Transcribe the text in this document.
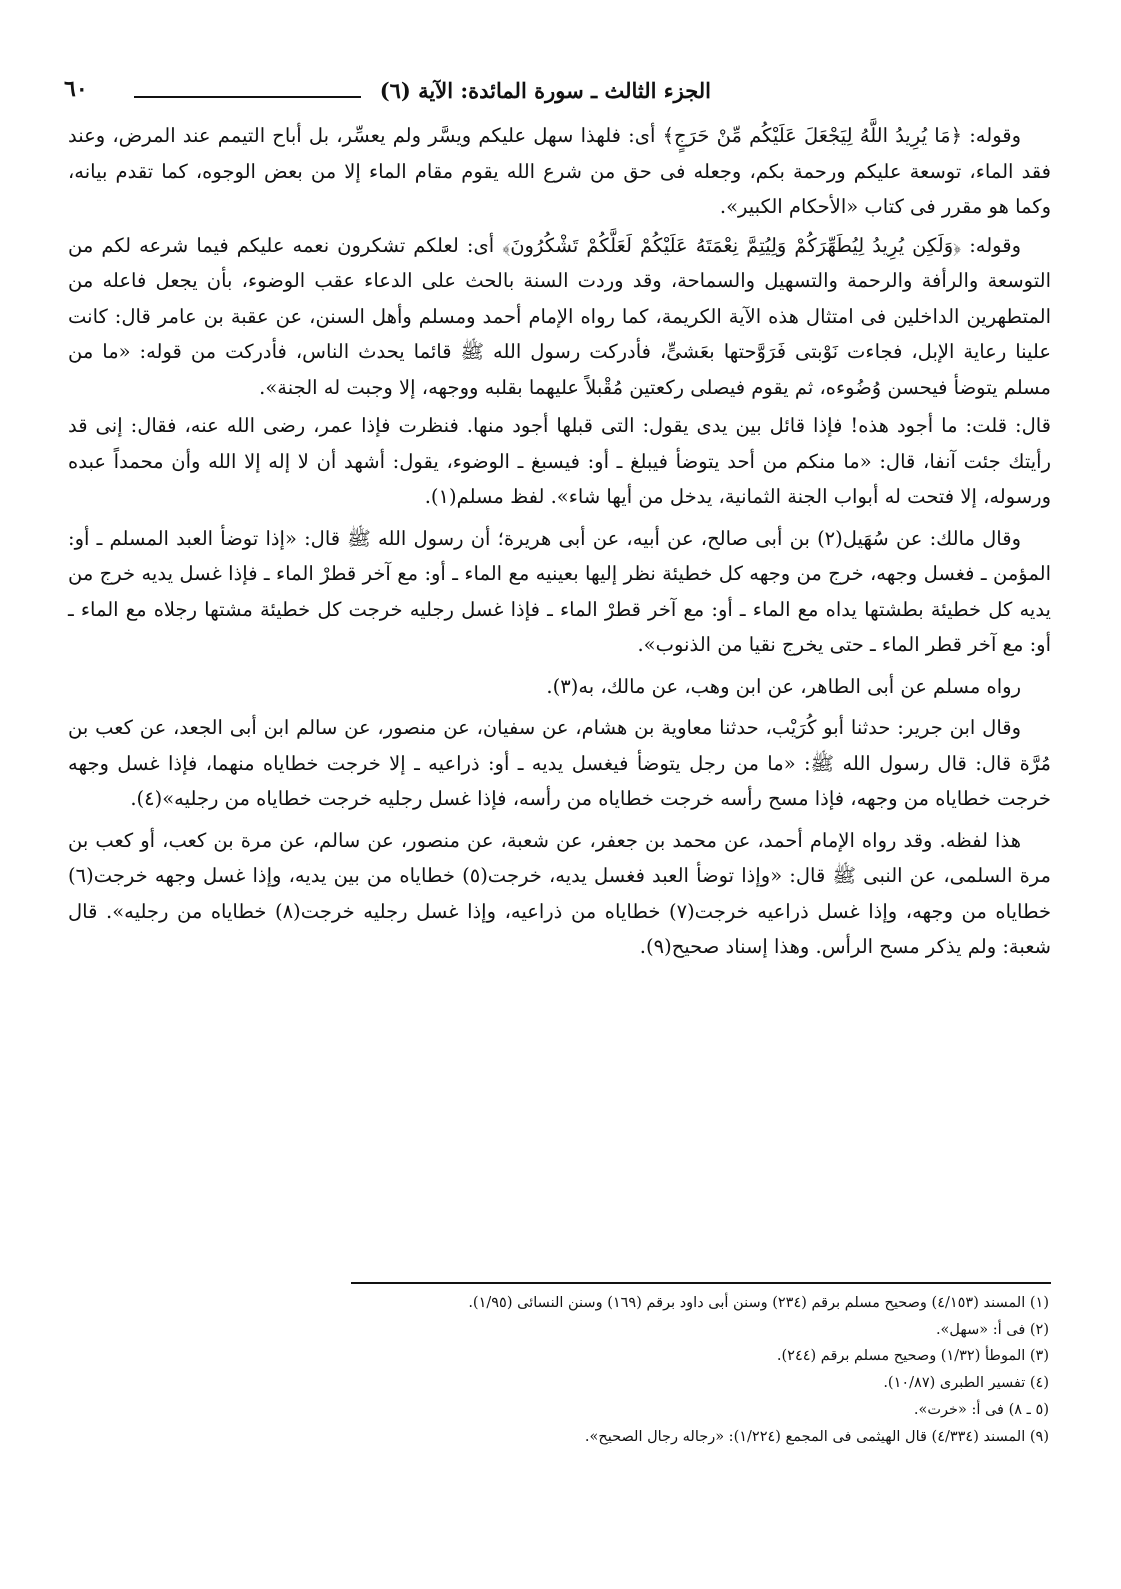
الجزء الثالث ـ سورة المائدة: الآية (٦)
٦٠

وقوله: ﴿مَا يُرِيدُ اللَّهُ لِيَجْعَلَ عَلَيْكُم مِّنْ حَرَجٍ﴾ أى: فلهذا سهل عليكم ويسَّر ولم يعسِّر، بل أباح التيمم عند المرض، وعند فقد الماء، توسعة عليكم ورحمة بكم، وجعله فى حق من شرع الله يقوم مقام الماء إلا من بعض الوجوه، كما تقدم بيانه، وكما هو مقرر فى كتاب «الأحكام الكبير».

وقوله: ﴿وَلَكِن يُرِيدُ لِيُطَهِّرَكُمْ وَلِيُتِمَّ نِعْمَتَهُ عَلَيْكُمْ لَعَلَّكُمْ تَشْكُرُونَ﴾ أى: لعلكم تشكرون نعمه عليكم فيما شرعه لكم من التوسعة والرأفة والرحمة والتسهيل والسماحة، وقد وردت السنة بالحث على الدعاء عقب الوضوء، بأن يجعل فاعله من المتطهرين الداخلين فى امتثال هذه الآية الكريمة، كما رواه الإمام أحمد ومسلم وأهل السنن، عن عقبة بن عامر قال: كانت علينا رعاية الإبل، فجاءت نَوْبتى فَرَوَّحتها بعَشىٍّ، فأدركت رسول الله ﷺ قائما يحدث الناس، فأدركت من قوله: «ما من مسلم يتوضأ فيحسن وُضُوءه، ثم يقوم فيصلى ركعتين مُقْبلاً عليهما بقلبه ووجهه، إلا وجبت له الجنة».

قال: قلت: ما أجود هذه! فإذا قائل بين يدى يقول: التى قبلها أجود منها. فنظرت فإذا عمر، رضى الله عنه، فقال: إنى قد رأيتك جئت آنفا، قال: «ما منكم من أحد يتوضأ فيبلغ ـ أو: فيسبغ ـ الوضوء، يقول: أشهد أن لا إله إلا الله وأن محمداً عبده ورسوله، إلا فتحت له أبواب الجنة الثمانية، يدخل من أيها شاء». لفظ مسلم(١).

وقال مالك: عن سُهَيل(٢) بن أبى صالح، عن أبيه، عن أبى هريرة؛ أن رسول الله ﷺ قال: «إذا توضأ العبد المسلم ـ أو: المؤمن ـ فغسل وجهه، خرج من وجهه كل خطيئة نظر إليها بعينيه مع الماء ـ أو: مع آخر قطرْ الماء ـ فإذا غسل يديه خرج من يديه كل خطيئة بطشتها يداه مع الماء ـ أو: مع آخر قطرْ الماء ـ فإذا غسل رجليه خرجت كل خطيئة مشتها رجلاه مع الماء ـ أو: مع آخر قطر الماء ـ حتى يخرج نقيا من الذنوب».

رواه مسلم عن أبى الطاهر، عن ابن وهب، عن مالك، به(٣).

وقال ابن جرير: حدثنا أبو كُرَيْب، حدثنا معاوية بن هشام، عن سفيان، عن منصور، عن سالم ابن أبى الجعد، عن كعب بن مُرَّة قال: قال رسول الله ﷺ: «ما من رجل يتوضأ فيغسل يديه ـ أو: ذراعيه ـ إلا خرجت خطاياه منهما، فإذا غسل وجهه خرجت خطاياه من وجهه، فإذا مسح رأسه خرجت خطاياه من رأسه، فإذا غسل رجليه خرجت خطاياه من رجليه»(٤).

هذا لفظه. وقد رواه الإمام أحمد، عن محمد بن جعفر، عن شعبة، عن منصور، عن سالم، عن مرة بن كعب، أو كعب بن مرة السلمى، عن النبى ﷺ قال: «وإذا توضأ العبد فغسل يديه، خرجت(٥) خطاياه من بين يديه، وإذا غسل وجهه خرجت(٦) خطاياه من وجهه، وإذا غسل ذراعيه خرجت(٧) خطاياه من ذراعيه، وإذا غسل رجليه خرجت(٨) خطاياه من رجليه». قال شعبة: ولم يذكر مسح الرأس. وهذا إسناد صحيح(٩).

(١) المسند (٤/١٥٣) وصحيح مسلم برقم (٢٣٤) وسنن أبى داود برقم (١٦٩) وسنن النسائى (١/٩٥).
(٢) فى أ: «سهل».
(٣) الموطأ (١/٣٢) وصحيح مسلم برقم (٢٤٤).
(٤) تفسير الطبرى (١٠/٨٧).
(٥ ـ ٨) فى أ: «خرت».
(٩) المسند (٤/٣٣٤) قال الهيثمى فى المجمع (١/٢٢٤): «رجاله رجال الصحيح».
